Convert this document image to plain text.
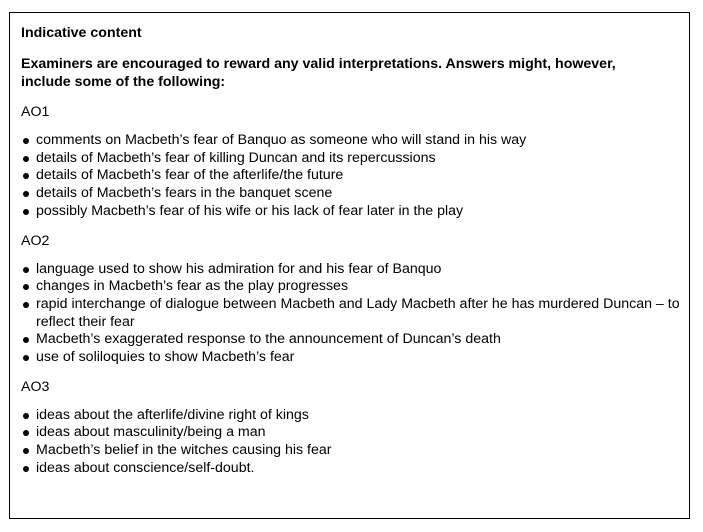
Indicative content

Examiners are encouraged to reward any valid interpretations. Answers might, however, include some of the following:

AO1

comments on Macbeth’s fear of Banquo as someone who will stand in his way
details of Macbeth’s fear of killing Duncan and its repercussions
details of Macbeth’s fear of the afterlife/the future
details of Macbeth’s fears in the banquet scene
possibly Macbeth’s fear of his wife or his lack of fear later in the play

AO2

language used to show his admiration for and his fear of Banquo
changes in Macbeth’s fear as the play progresses
rapid interchange of dialogue between Macbeth and Lady Macbeth after he has murdered Duncan – to reflect their fear
Macbeth’s exaggerated response to the announcement of Duncan’s death
use of soliloquies to show Macbeth’s fear

AO3

ideas about the afterlife/divine right of kings
ideas about masculinity/being a man
Macbeth’s belief in the witches causing his fear
ideas about conscience/self-doubt.
